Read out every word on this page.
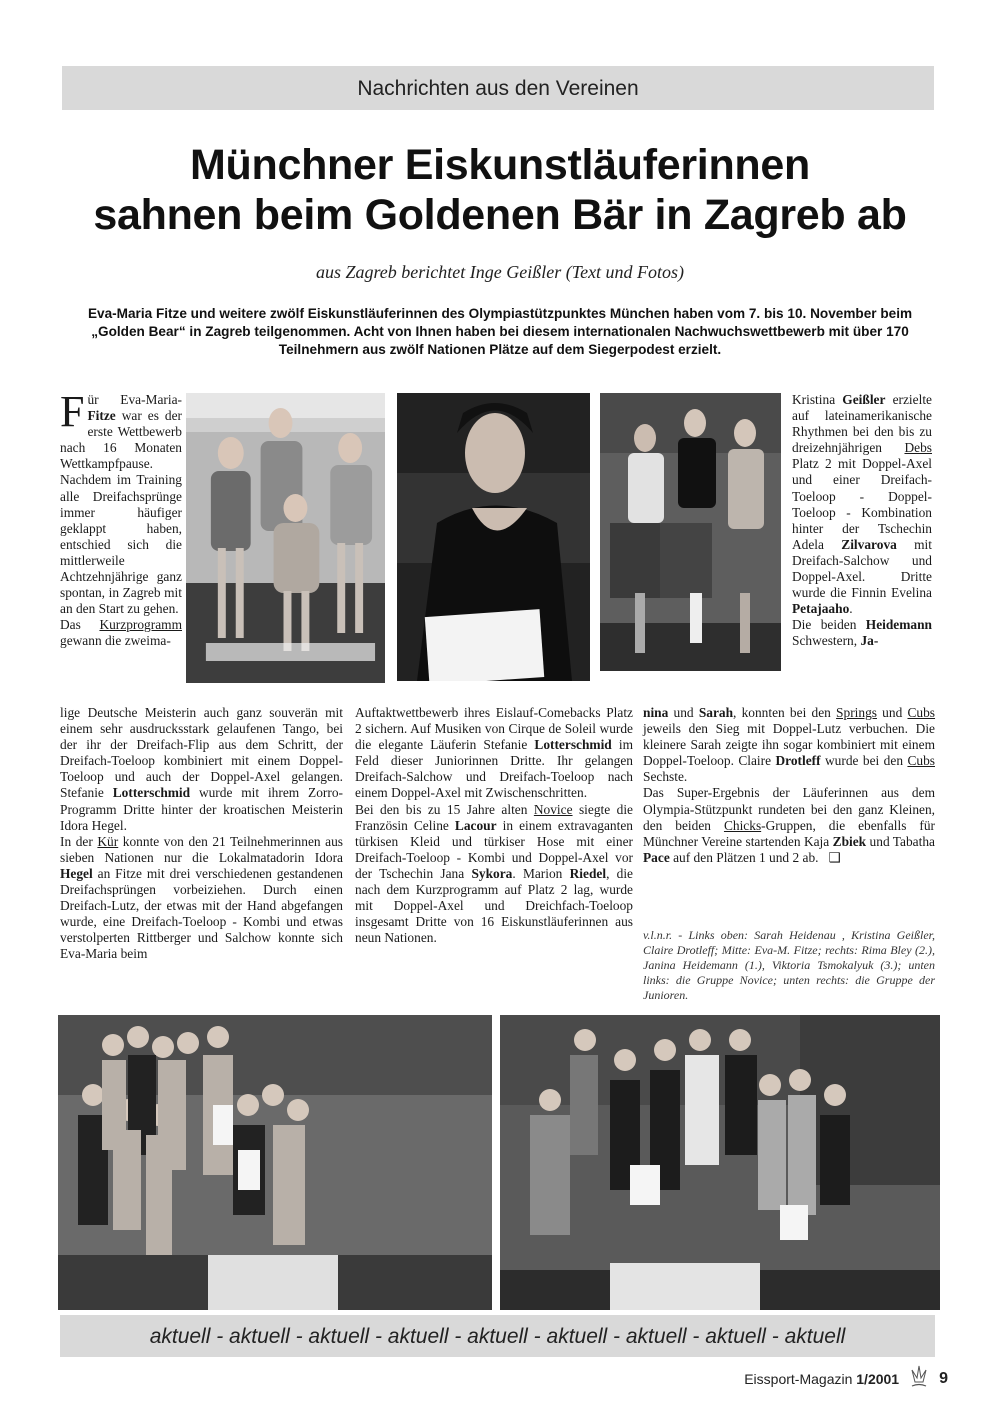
Nachrichten aus den Vereinen
Münchner Eiskunstläuferinnen
sahnen beim Goldenen Bär in Zagreb ab
aus Zagreb berichtet Inge Geißler (Text und Fotos)
Eva-Maria Fitze und weitere zwölf Eiskunstläuferinnen des Olympiastützpunktes München haben vom 7. bis 10. November beim „Golden Bear“ in Zagreb teilgenommen. Acht von Ihnen haben bei diesem internationalen Nachwuchswettbewerb mit über 170 Teilnehmern aus zwölf Nationen Plätze auf dem Siegerpodest erzielt.

Für Eva-Maria-Fitze war es der erste Wettbewerb nach 16 Monaten Wettkampfpause. Nachdem im Training alle Dreifachsprünge immer häufiger geklappt haben, entschied sich die mittlerweile Achtzehnjährige ganz spontan, in Zagreb mit an den Start zu gehen.

Das Kurzprogramm gewann die zweima-

lige Deutsche Meisterin auch ganz souverän mit einem sehr ausdrucksstark gelaufenen Tango, bei der ihr der Dreifach-Flip aus dem Schritt, der Dreifach-Toeloop kombiniert mit einem Doppel-Toeloop und auch der Doppel-Axel gelangen. Stefanie Lotterschmid wurde mit ihrem Zorro-Programm Dritte hinter der kroatischen Meisterin Idora Hegel.

In der Kür konnte von den 21 Teilnehmerinnen aus sieben Nationen nur die Lokalmatadorin Idora Hegel an Fitze mit drei verschiedenen gestandenen Dreifachsprüngen vorbeiziehen. Durch einen Dreifach-Lutz, der etwas mit der Hand abgefangen wurde, eine Dreifach-Toeloop - Kombi und etwas verstolperten Rittberger und Salchow konnte sich Eva-Maria beim

Auftaktwettbewerb ihres Eislauf-Comebacks Platz 2 sichern. Auf Musiken von Cirque de Soleil wurde die elegante Läuferin Stefanie Lotterschmid im Feld dieser Juniorinnen Dritte. Ihr gelangen Dreifach-Salchow und Dreifach-Toeloop nach einem Doppel-Axel mit Zwischenschritten.

Bei den bis zu 15 Jahre alten Novice siegte die Französin Celine Lacour in einem extravaganten türkisen Kleid und türkiser Hose mit einer Dreifach-Toeloop - Kombi und Doppel-Axel vor der Tschechin Jana Sykora. Marion Riedel, die nach dem Kurzprogramm auf Platz 2 lag, wurde mit Doppel-Axel und Dreichfach-Toeloop insgesamt Dritte von 16 Eiskunstläuferinnen aus neun Nationen.

Kristina Geißler erzielte auf lateinamerikanische Rhythmen bei den bis zu dreizehnjährigen Debs Platz 2 mit Doppel-Axel und einer Dreifach-Toeloop - Doppel-Toeloop - Kombination hinter der Tschechin Adela Zilvarova mit Dreifach-Salchow und Doppel-Axel. Dritte wurde die Finnin Evelina Petajaaho.

Die beiden Heidemann Schwestern, Ja-

nina und Sarah, konnten bei den Springs und Cubs jeweils den Sieg mit Doppel-Lutz verbuchen. Die kleinere Sarah zeigte ihn sogar kombiniert mit einem Doppel-Toeloop. Claire Drotleff wurde bei den Cubs Sechste.

Das Super-Ergebnis der Läuferinnen aus dem Olympia-Stützpunkt rundeten bei den ganz Kleinen, den beiden Chicks-Gruppen, die ebenfalls für Münchner Vereine startenden Kaja Zbiek und Tabatha Pace auf den Plätzen 1 und 2 ab. ❑

v.l.n.r. - Links oben: Sarah Heidenau , Kristina Geißler, Claire Drotleff; Mitte: Eva-M. Fitze; rechts: Rima Bley (2.), Janina Heidemann (1.), Viktoria Tsmokalyuk (3.); unten links: die Gruppe Novice; unten rechts: die Gruppe der Junioren.
aktuell - aktuell - aktuell - aktuell - aktuell - aktuell - aktuell - aktuell - aktuell
Eissport-Magazin 1/2001	9
